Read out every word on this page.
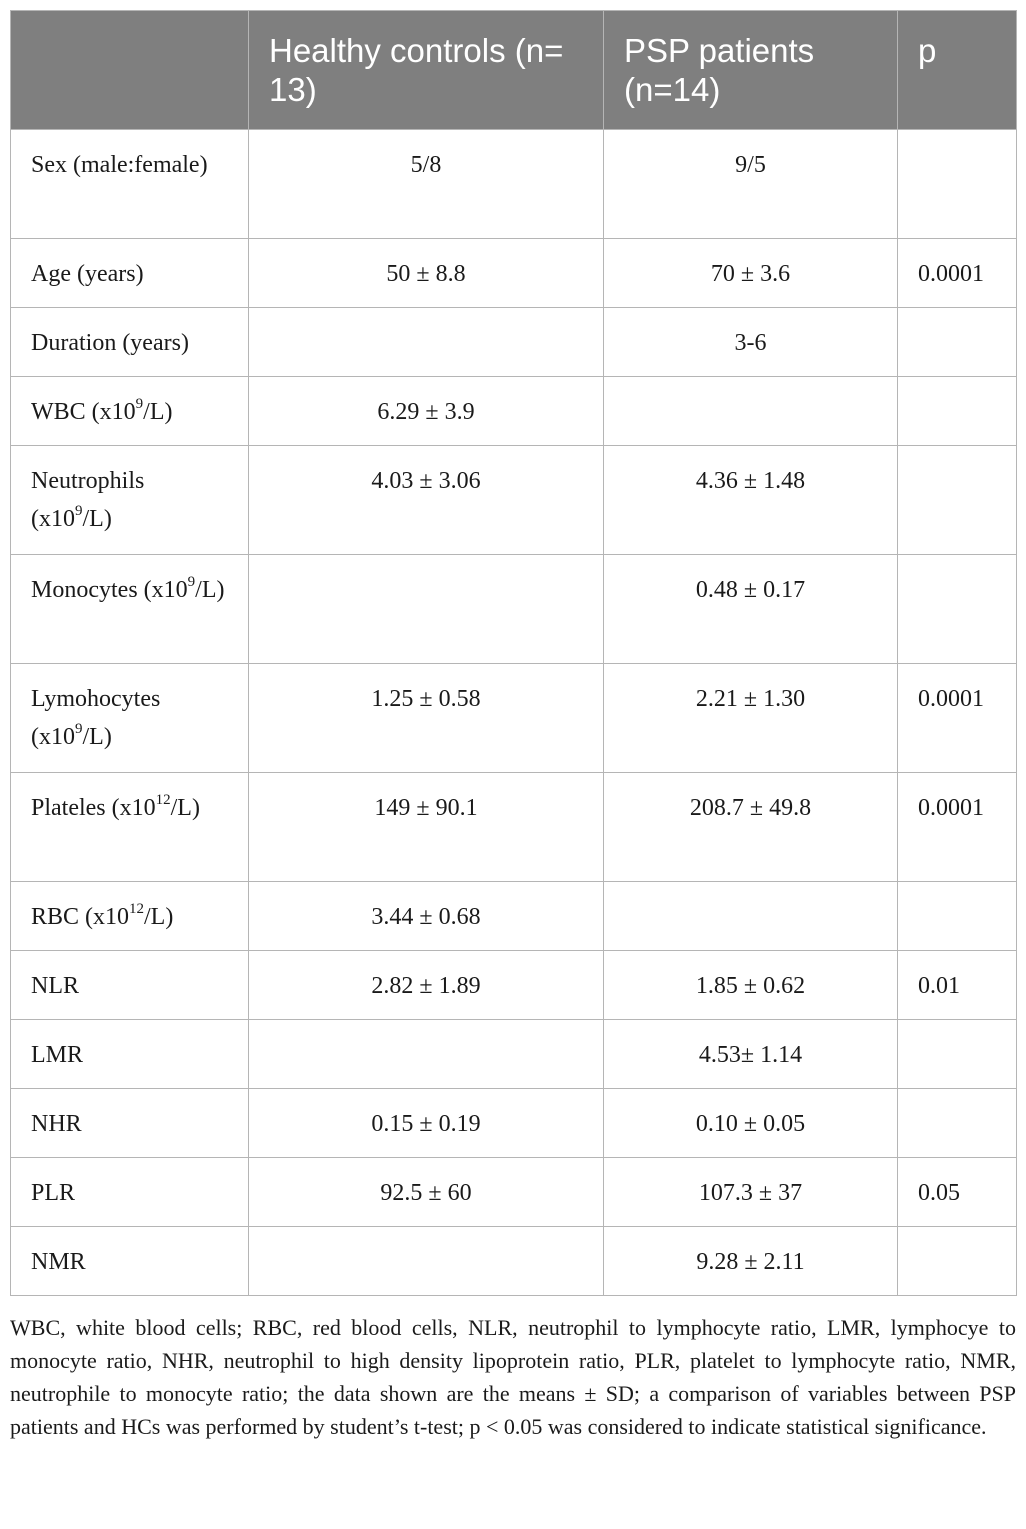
	Healthy controls (n= 13)	PSP patients (n=14)	p
Sex (male:female)	5/8	9/5	
Age (years)	50 ± 8.8	70 ± 3.6	0.0001
Duration (years)		3-6	
WBC $(x10^9/L)$	6.29 ± 3.9		
Neutrophils $(x10^9/L)$	4.03 ± 3.06	4.36 ± 1.48	
Monocytes $(x10^9/L)$		0.48 ± 0.17	
Lymohocytes $(x10^9/L)$	1.25 ± 0.58	2.21 ± 1.30	0.0001
Plateles $(x10^{12}/L)$	149 ± 90.1	208.7 ± 49.8	0.0001
RBC $(x10^{12}/L)$	3.44 ± 0.68		
NLR	2.82 ± 1.89	1.85 ± 0.62	0.01
LMR		4.53± 1.14	
NHR	0.15 ± 0.19	0.10 ± 0.05	
PLR	92.5 ± 60	107.3 ± 37	0.05
NMR		9.28 ± 2.11	
WBC, white blood cells; RBC, red blood cells, NLR, neutrophil to lymphocyte ratio, LMR, lymphocye to monocyte ratio, NHR, neutrophil to high density lipoprotein ratio, PLR, platelet to lymphocyte ratio, NMR, neutrophile to monocyte ratio; the data shown are the means ± SD; a comparison of variables between PSP patients and HCs was performed by student’s t-test; p < 0.05 was considered to indicate statistical significance.
